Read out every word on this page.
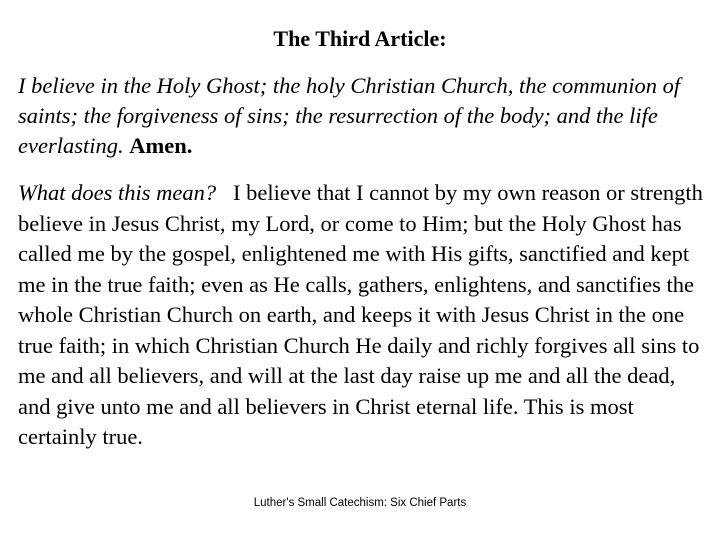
The Third Article:
I believe in the Holy Ghost; the holy Christian Church, the communion of saints; the forgiveness of sins; the resurrection of the body; and the life everlasting. Amen.
What does this mean? I believe that I cannot by my own reason or strength believe in Jesus Christ, my Lord, or come to Him; but the Holy Ghost has called me by the gospel, enlightened me with His gifts, sanctified and kept me in the true faith; even as He calls, gathers, enlightens, and sanctifies the whole Christian Church on earth, and keeps it with Jesus Christ in the one true faith; in which Christian Church He daily and richly forgives all sins to me and all believers, and will at the last day raise up me and all the dead, and give unto me and all believers in Christ eternal life. This is most certainly true.
Luther's Small Catechism: Six Chief Parts
